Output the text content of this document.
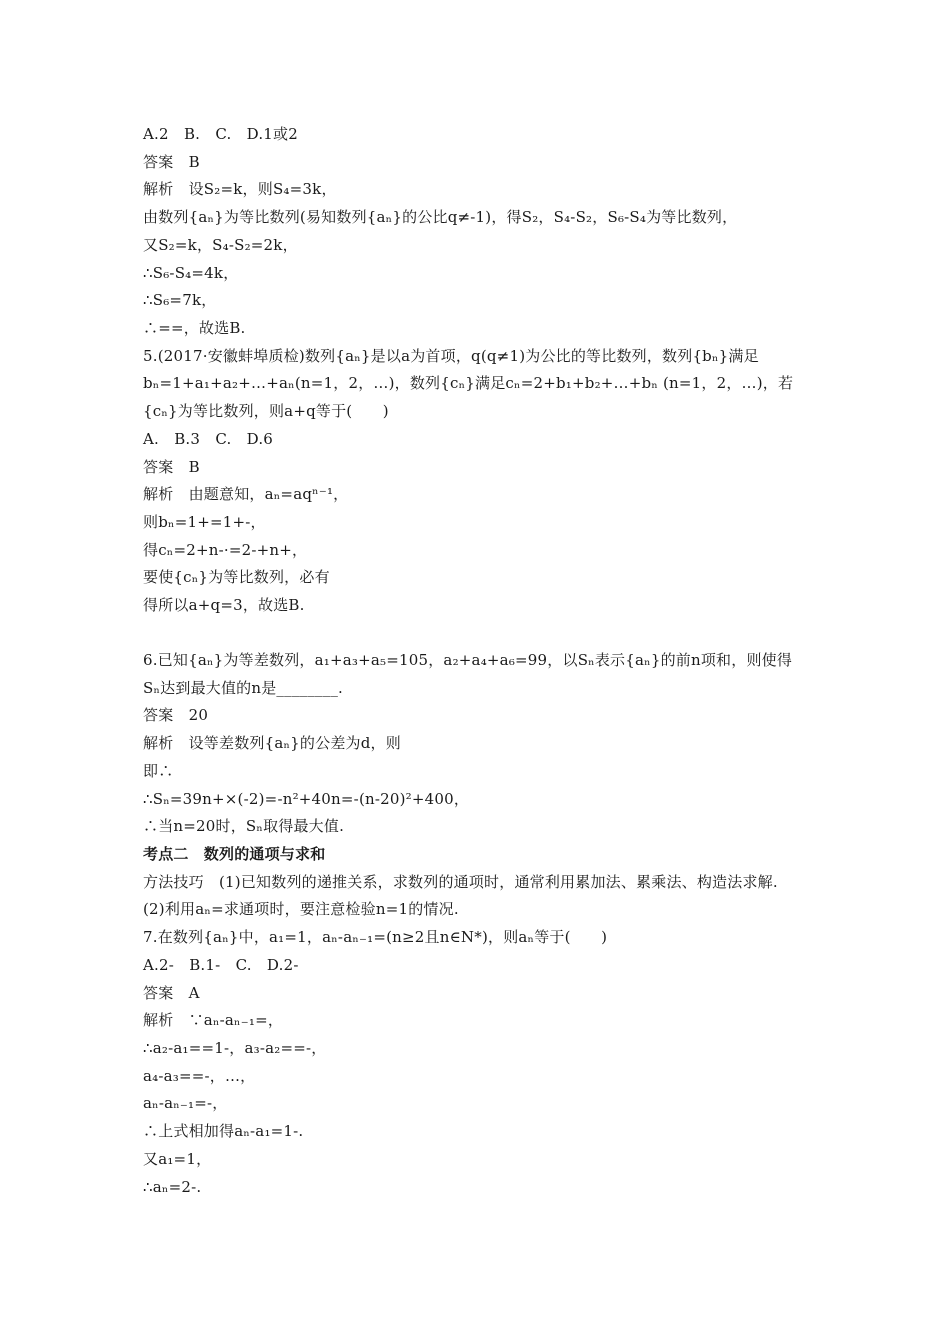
A.2　B.　C.　D.1或2
答案　B
解析　设S₂=k，则S₄=3k，
由数列{aₙ}为等比数列(易知数列{aₙ}的公比q≠-1)，得S₂，S₄-S₂，S₆-S₄为等比数列，
又S₂=k，S₄-S₂=2k，
∴S₆-S₄=4k，
∴S₆=7k，
∴==，故选B.
5.(2017·安徽蚌埠质检)数列{aₙ}是以a为首项，q(q≠1)为公比的等比数列，数列{bₙ}满足
bₙ=1+a₁+a₂+…+aₙ(n=1，2，…)，数列{cₙ}满足cₙ=2+b₁+b₂+…+bₙ (n=1，2，…)，若
{cₙ}为等比数列，则a+q等于(　　)
A.　B.3　C.　D.6
答案　B
解析　由题意知，aₙ=aqⁿ⁻¹，
则bₙ=1+=1+-，
得cₙ=2+n-·=2-+n+，
要使{cₙ}为等比数列，必有
得所以a+q=3，故选B.
6.已知{aₙ}为等差数列，a₁+a₃+a₅=105，a₂+a₄+a₆=99，以Sₙ表示{aₙ}的前n项和，则使得
Sₙ达到最大值的n是________.
答案　20
解析　设等差数列{aₙ}的公差为d，则
即∴
∴Sₙ=39n+×(-2)=-n²+40n=-(n-20)²+400，
∴当n=20时，Sₙ取得最大值.
考点二　数列的通项与求和
方法技巧　(1)已知数列的递推关系，求数列的通项时，通常利用累加法、累乘法、构造法求解.
(2)利用aₙ=求通项时，要注意检验n=1的情况.
7.在数列{aₙ}中，a₁=1，aₙ-aₙ₋₁=(n≥2且n∈N*)，则aₙ等于(　　)
A.2-　B.1-　C.　D.2-
答案　A
解析　∵aₙ-aₙ₋₁=，
∴a₂-a₁==1-，a₃-a₂==-，
a₄-a₃==-，…，
aₙ-aₙ₋₁=-，
∴上式相加得aₙ-a₁=1-.
又a₁=1，
∴aₙ=2-.
